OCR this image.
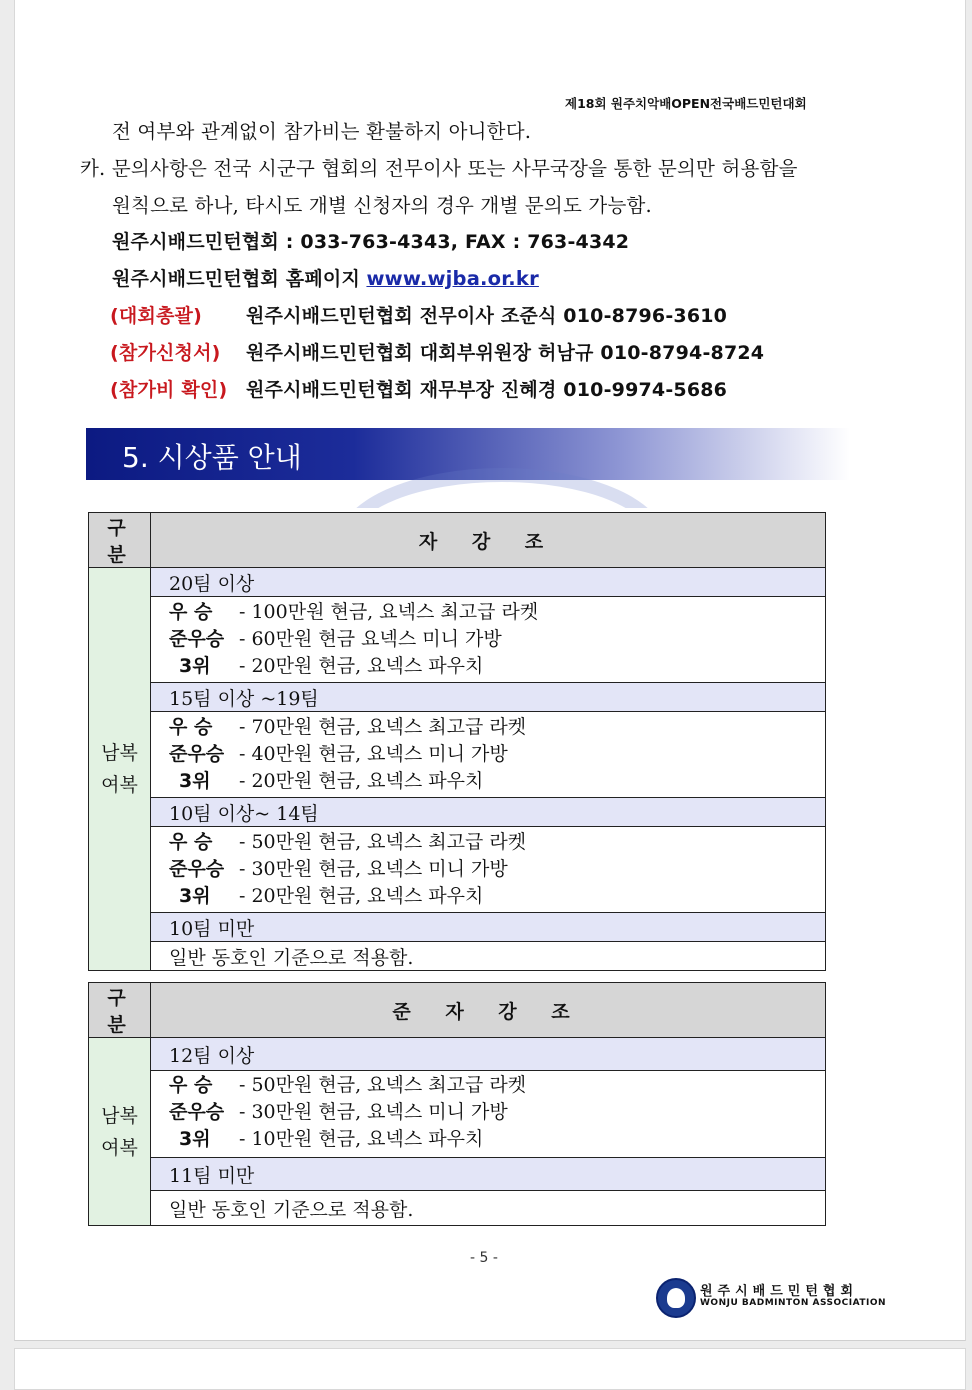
제18회 원주치악배OPEN전국배드민턴대회
전 여부와 관계없이 참가비는 환불하지 아니한다.
카. 문의사항은 전국 시군구 협회의 전무이사 또는 사무국장을 통한 문의만 허용함을
원칙으로 하나, 타시도 개별 신청자의 경우 개별 문의도 가능함.
원주시배드민턴협회 : 033-763-4343, FAX : 763-4342
원주시배드민턴협회 홈페이지 www.wjba.or.kr
(대회총괄) 원주시배드민턴협회 전무이사 조준식 010-8796-3610
(참가신청서) 원주시배드민턴협회 대회부위원장 허남규 010-8794-8724
(참가비 확인) 원주시배드민턴협회 재무부장 진혜경 010-9974-5686
5. 시상품 안내
구 분	자 강 조

남복
여복	20팀 이상

	우 승 - 100만원 현금, 요넥스 최고급 라켓
준우승 - 60만원 현금 요넥스 미니 가방
3위 - 20만원 현금, 요넥스 파우치

	15팀 이상 ~19팀

	우 승 - 70만원 현금, 요넥스 최고급 라켓
준우승 - 40만원 현금, 요넥스 미니 가방
3위 - 20만원 현금, 요넥스 파우치

	10팀 이상~ 14팀

	우 승 - 50만원 현금, 요넥스 최고급 라켓
준우승 - 30만원 현금, 요넥스 미니 가방
3위 - 20만원 현금, 요넥스 파우치

	10팀 미만
	일반 동호인 기준으로 적용함.
구 분	준 자 강 조

남복
여복	12팀 이상

	우 승 - 50만원 현금, 요넥스 최고급 라켓
준우승 - 30만원 현금, 요넥스 미니 가방
3위 - 10만원 현금, 요넥스 파우치

	11팀 미만
	일반 동호인 기준으로 적용함.
- 5 -
원주시배드민턴협회
WONJU BADMINTON ASSOCIATION
